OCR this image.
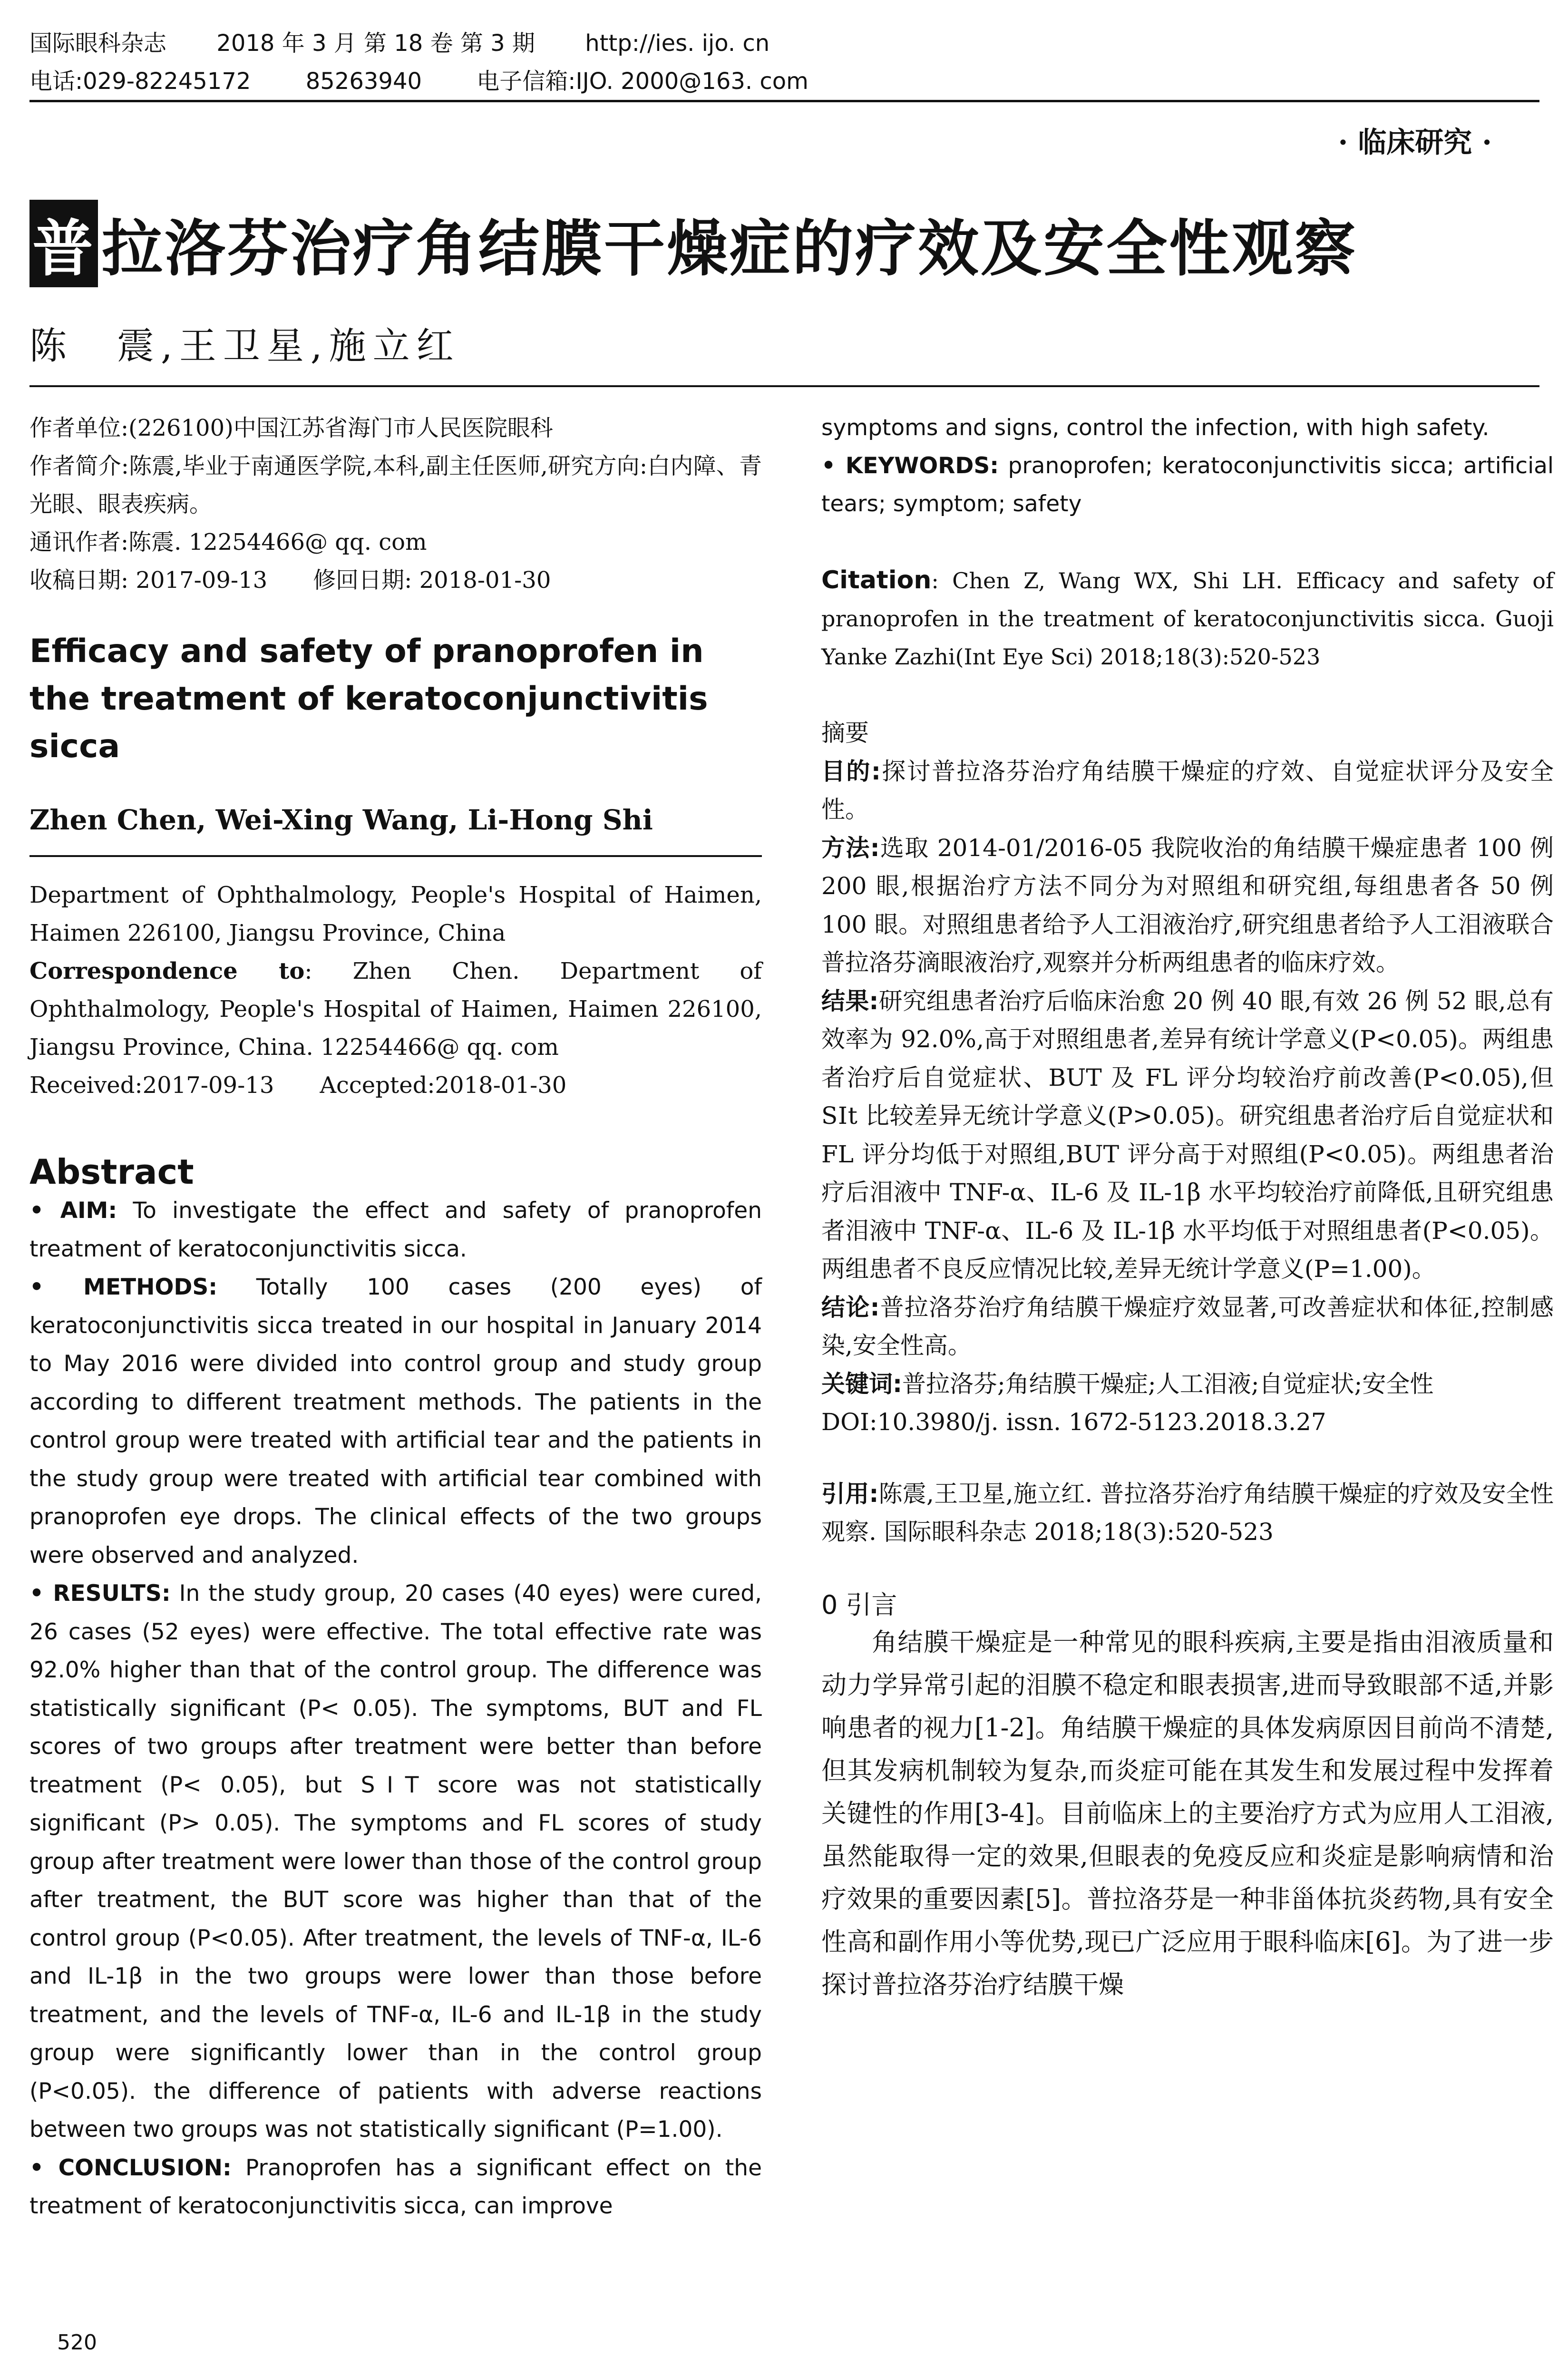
国际眼科杂志 2018 年 3 月 第 18 卷 第 3 期 http://ies. ijo. cn
电话:029-82245172 85263940 电子信箱:IJO. 2000@163. com
· 临床研究 ·
普 拉洛芬治疗角结膜干燥症的疗效及安全性观察
陈　震,王卫星,施立红

作者单位:(226100)中国江苏省海门市人民医院眼科

作者简介:陈震,毕业于南通医学院,本科,副主任医师,研究方向:白内障、青光眼、眼表疾病。

通讯作者:陈震. 12254466@ qq. com

收稿日期: 2017-09-13　　修回日期: 2018-01-30

Efficacy and safety of pranoprofen in the treatment of keratoconjunctivitis sicca
Zhen Chen, Wei-Xing Wang, Li-Hong Shi
Department of Ophthalmology, People's Hospital of Haimen, Haimen 226100, Jiangsu Province, China
Correspondence to: Zhen Chen. Department of Ophthalmology, People's Hospital of Haimen, Haimen 226100, Jiangsu Province, China. 12254466@ qq. com
Received:2017-09-13　　Accepted:2018-01-30
Abstract

• AIM: To investigate the effect and safety of pranoprofen treatment of keratoconjunctivitis sicca.

• METHODS: Totally 100 cases (200 eyes) of keratoconjunctivitis sicca treated in our hospital in January 2014 to May 2016 were divided into control group and study group according to different treatment methods. The patients in the control group were treated with artificial tear and the patients in the study group were treated with artificial tear combined with pranoprofen eye drops. The clinical effects of the two groups were observed and analyzed.

• RESULTS: In the study group, 20 cases (40 eyes) were cured, 26 cases (52 eyes) were effective. The total effective rate was 92.0% higher than that of the control group. The difference was statistically significant (P< 0.05). The symptoms, BUT and FL scores of two groups after treatment were better than before treatment (P< 0.05), but SⅠT score was not statistically significant (P> 0.05). The symptoms and FL scores of study group after treatment were lower than those of the control group after treatment, the BUT score was higher than that of the control group (P<0.05). After treatment, the levels of TNF-α, IL-6 and IL-1β in the two groups were lower than those before treatment, and the levels of TNF-α, IL-6 and IL-1β in the study group were significantly lower than in the control group (P<0.05). the difference of patients with adverse reactions between two groups was not statistically significant (P=1.00).

• CONCLUSION: Pranoprofen has a significant effect on the treatment of keratoconjunctivitis sicca, can improve

520

symptoms and signs, control the infection, with high safety.

• KEYWORDS: pranoprofen; keratoconjunctivitis sicca; artificial tears; symptom; safety

Citation: Chen Z, Wang WX, Shi LH. Efficacy and safety of pranoprofen in the treatment of keratoconjunctivitis sicca. Guoji Yanke Zazhi(Int Eye Sci) 2018;18(3):520-523

摘要

目的:探讨普拉洛芬治疗角结膜干燥症的疗效、自觉症状评分及安全性。

方法:选取 2014-01/2016-05 我院收治的角结膜干燥症患者 100 例 200 眼,根据治疗方法不同分为对照组和研究组,每组患者各 50 例 100 眼。对照组患者给予人工泪液治疗,研究组患者给予人工泪液联合普拉洛芬滴眼液治疗,观察并分析两组患者的临床疗效。

结果:研究组患者治疗后临床治愈 20 例 40 眼,有效 26 例 52 眼,总有效率为 92.0%,高于对照组患者,差异有统计学意义(P<0.05)。两组患者治疗后自觉症状、BUT 及 FL 评分均较治疗前改善(P<0.05),但 SⅠt 比较差异无统计学意义(P>0.05)。研究组患者治疗后自觉症状和 FL 评分均低于对照组,BUT 评分高于对照组(P<0.05)。两组患者治疗后泪液中 TNF-α、IL-6 及 IL-1β 水平均较治疗前降低,且研究组患者泪液中 TNF-α、IL-6 及 IL-1β 水平均低于对照组患者(P<0.05)。两组患者不良反应情况比较,差异无统计学意义(P=1.00)。

结论:普拉洛芬治疗角结膜干燥症疗效显著,可改善症状和体征,控制感染,安全性高。

关键词:普拉洛芬;角结膜干燥症;人工泪液;自觉症状;安全性

DOI:10.3980/j. issn. 1672-5123.2018.3.27

引用:陈震,王卫星,施立红. 普拉洛芬治疗角结膜干燥症的疗效及安全性观察. 国际眼科杂志 2018;18(3):520-523

0 引言
角结膜干燥症是一种常见的眼科疾病,主要是指由泪液质量和动力学异常引起的泪膜不稳定和眼表损害,进而导致眼部不适,并影响患者的视力[1-2]。角结膜干燥症的具体发病原因目前尚不清楚,但其发病机制较为复杂,而炎症可能在其发生和发展过程中发挥着关键性的作用[3-4]。目前临床上的主要治疗方式为应用人工泪液,虽然能取得一定的效果,但眼表的免疫反应和炎症是影响病情和治疗效果的重要因素[5]。普拉洛芬是一种非甾体抗炎药物,具有安全性高和副作用小等优势,现已广泛应用于眼科临床[6]。为了进一步探讨普拉洛芬治疗结膜干燥
